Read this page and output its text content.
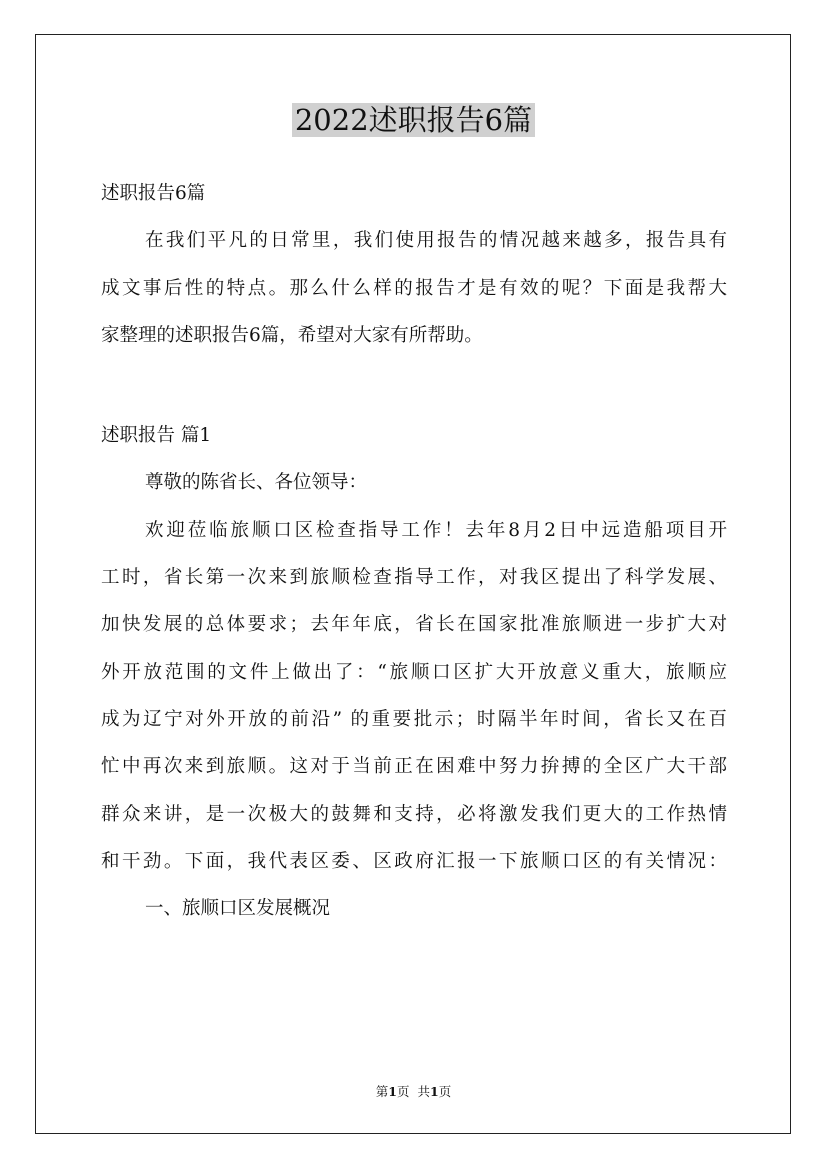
2022述职报告6篇
述职报告6篇
在我们平凡的日常里，我们使用报告的情况越来越多，报告具有
成文事后性的特点。那么什么样的报告才是有效的呢？下面是我帮大
家整理的述职报告6篇，希望对大家有所帮助。
述职报告 篇1
尊敬的陈省长、各位领导：
欢迎莅临旅顺口区检查指导工作！去年8月2日中远造船项目开
工时，省长第一次来到旅顺检查指导工作，对我区提出了科学发展、
加快发展的总体要求；去年年底，省长在国家批准旅顺进一步扩大对
外开放范围的文件上做出了：“旅顺口区扩大开放意义重大，旅顺应
成为辽宁对外开放的前沿” 的重要批示；时隔半年时间，省长又在百
忙中再次来到旅顺。这对于当前正在困难中努力拚搏的全区广大干部
群众来讲，是一次极大的鼓舞和支持，必将激发我们更大的工作热情
和干劲。下面，我代表区委、区政府汇报一下旅顺口区的有关情况：
一、旅顺口区发展概况
第1页 共1页
